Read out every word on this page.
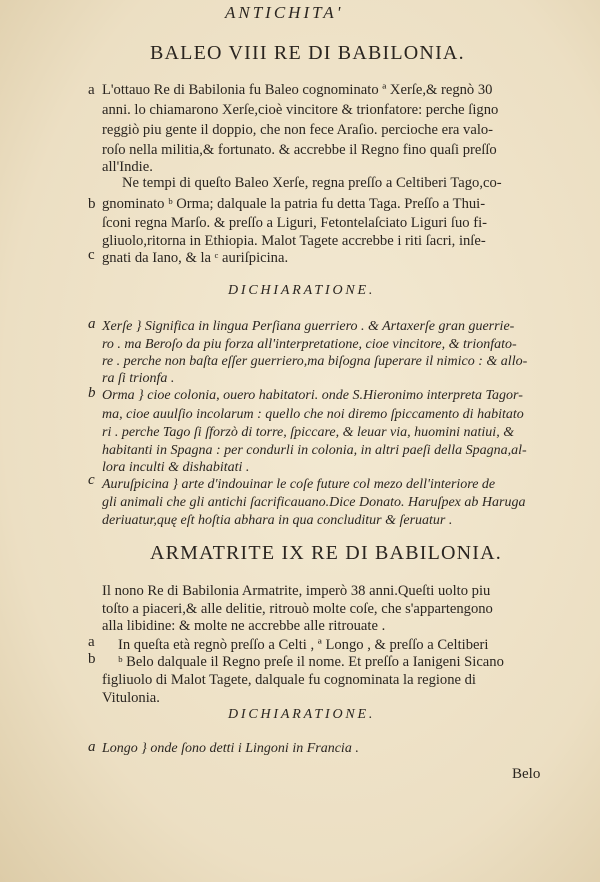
ANTICHITA'
BALEO VIII RE DI BABILONIA.
a L'ottauo Re di Babilonia fu Baleo cognominato ª Xerſe,& regnò 30
anni. lo chiamarono Xerſe,cioè vincitore & trionfatore: perche ſigno
reggiò piu gente il doppio, che non fece Araſio. percioche era valo-
roſo nella militia,& fortunato. & accrebbe il Regno fino quaſi preſſo
all'Indie.
Ne tempi di queſto Baleo Xerſe, regna preſſo a Celtiberi Tago,co-
b gnominato ᵇ Orma; dalquale la patria fu detta Taga. Preſſo a Thui-
ſconi regna Marſo. & preſſo a Liguri, Fetontelaſciato Liguri ſuo fi-
gliuolo,ritorna in Ethiopia. Malot Tagete accrebbe i riti ſacri, inſe-
c gnati da Iano, & la ᶜ auriſpicina.
DICHIARATIONE.
a Xerſe } Significa in lingua Perſiana guerriero . & Artaxerſe gran guerrie-
ro . ma Beroſo da piu forza all'interpretatione, cioe vincitore, & trionfato-
re . perche non baſta eſſer guerriero,ma biſogna ſuperare il nimico : & allo-
ra ſi trionfa .
b Orma } cioe colonia, ouero habitatori. onde S.Hieronimo interpreta Tagor-
ma, cioe auulſio incolarum : quello che noi diremo ſpiccamento di habitato
ri . perche Tago ſi ſforzò di torre, ſpiccare, & leuar via, huomini natiui, &
habitanti in Spagna : per condurli in colonia, in altri paeſi della Spagna,al-
lora inculti & dishabitati .
c Auruſpicina } arte d'indouinar le coſe future col mezo dell'interiore de
gli animali che gli antichi ſacrificauano.Dice Donato. Haruſpex ab Haruga
deriuatur,quę eſt hoſtia abhara in qua concluditur & ſeruatur .
ARMATRITE IX RE DI BABILONIA.
Il nono Re di Babilonia Armatrite, imperò 38 anni.Queſti uolto piu
toſto a piaceri,& alle delitie, ritrouò molte coſe, che s'appartengono
alla libidine: & molte ne accrebbe alle ritrouate .
a In queſta età regnò preſſo a Celti , ª Longo , & preſſo a Celtiberi
b ᵇ Belo dalquale il Regno preſe il nome. Et preſſo a Ianigeni Sicano
figliuolo di Malot Tagete, dalquale fu cognominata la regione di
Vitulonia.
DICHIARATIONE.
a Longo } onde ſono detti i Lingoni in Francia .
Belo
